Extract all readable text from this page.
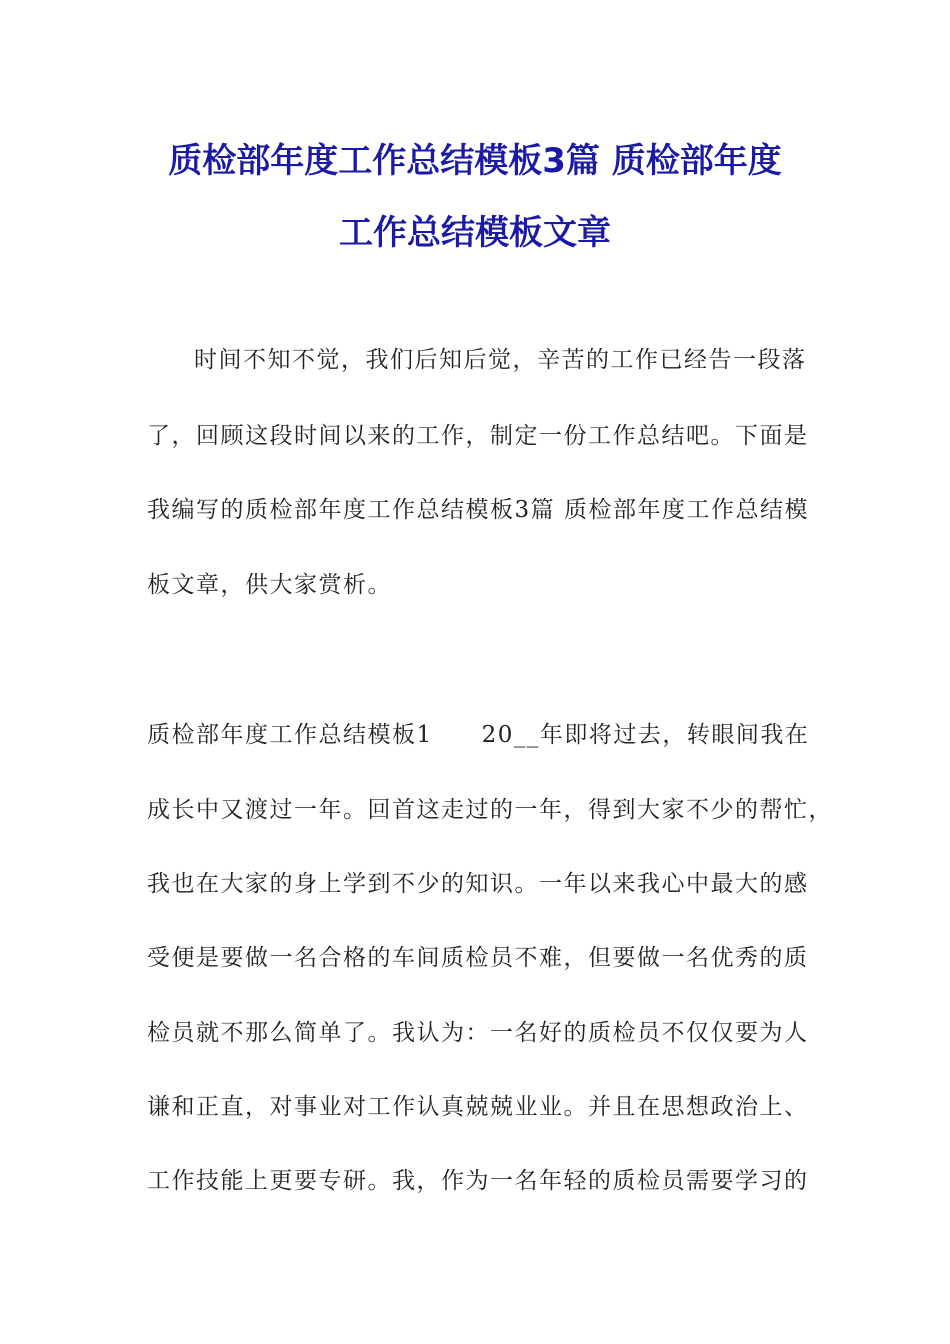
质检部年度工作总结模板3篇 质检部年度
工作总结模板文章
时间不知不觉，我们后知后觉，辛苦的工作已经告一段落
了，回顾这段时间以来的工作，制定一份工作总结吧。下面是
我编写的质检部年度工作总结模板3篇 质检部年度工作总结模
板文章，供大家赏析。
质检部年度工作总结模板1　　20__年即将过去，转眼间我在
成长中又渡过一年。回首这走过的一年，得到大家不少的帮忙，
我也在大家的身上学到不少的知识。一年以来我心中最大的感
受便是要做一名合格的车间质检员不难，但要做一名优秀的质
检员就不那么简单了。我认为：一名好的质检员不仅仅要为人
谦和正直，对事业对工作认真兢兢业业。并且在思想政治上、
工作技能上更要专研。我，作为一名年轻的质检员需要学习的
